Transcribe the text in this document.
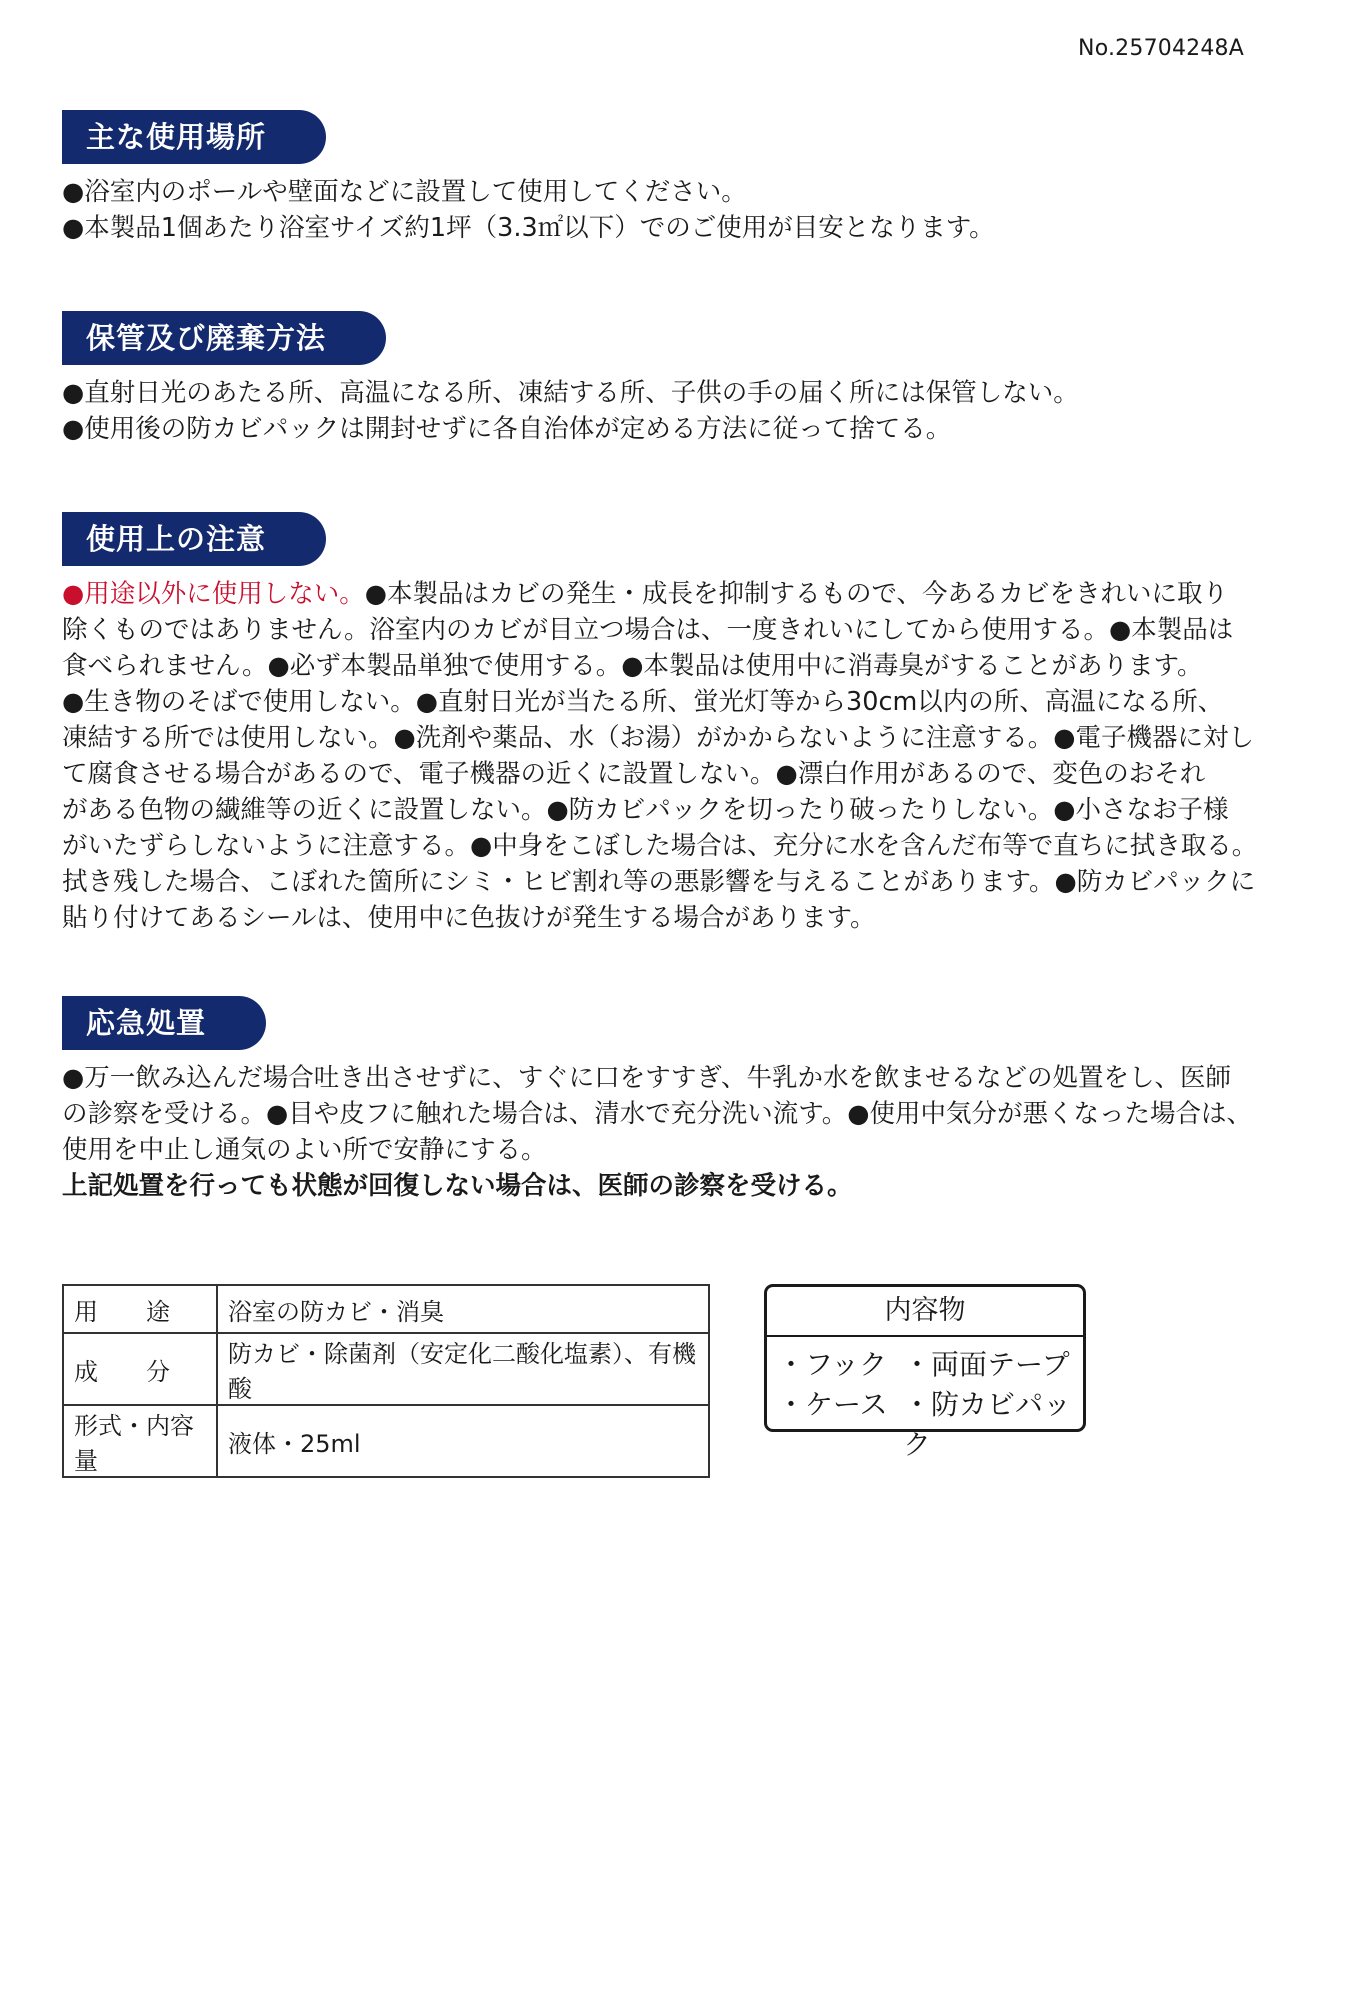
No.25704248A
主な使用場所

●浴室内のポールや壁面などに設置して使用してください。

●本製品1個あたり浴室サイズ約1坪（3.3㎡以下）でのご使用が目安となります。

保管及び廃棄方法

●直射日光のあたる所、高温になる所、凍結する所、子供の手の届く所には保管しない。

●使用後の防カビパックは開封せずに各自治体が定める方法に従って捨てる。

使用上の注意

●用途以外に使用しない。●本製品はカビの発生・成長を抑制するもので、今あるカビをきれいに取り

除くものではありません。浴室内のカビが目立つ場合は、一度きれいにしてから使用する。●本製品は

食べられません。●必ず本製品単独で使用する。●本製品は使用中に消毒臭がすることがあります。

●生き物のそばで使用しない。●直射日光が当たる所、蛍光灯等から30cm以内の所、高温になる所、

凍結する所では使用しない。●洗剤や薬品、水（お湯）がかからないように注意する。●電子機器に対し

て腐食させる場合があるので、電子機器の近くに設置しない。●漂白作用があるので、変色のおそれ

がある色物の繊維等の近くに設置しない。●防カビパックを切ったり破ったりしない。●小さなお子様

がいたずらしないように注意する。●中身をこぼした場合は、充分に水を含んだ布等で直ちに拭き取る。

拭き残した場合、こぼれた箇所にシミ・ヒビ割れ等の悪影響を与えることがあります。●防カビパックに

貼り付けてあるシールは、使用中に色抜けが発生する場合があります。

応急処置

●万一飲み込んだ場合吐き出させずに、すぐに口をすすぎ、牛乳か水を飲ませるなどの処置をし、医師

の診察を受ける。●目や皮フに触れた場合は、清水で充分洗い流す。●使用中気分が悪くなった場合は、

使用を中止し通気のよい所で安静にする。

上記処置を行っても状態が回復しない場合は、医師の診察を受ける。

用　　途	浴室の防カビ・消臭
成　　分	防カビ・除菌剤（安定化二酸化塩素）、有機酸
形式・内容量	液体・25ml
内容物
・フック ・両面テープ
・ケース ・防カビパック
